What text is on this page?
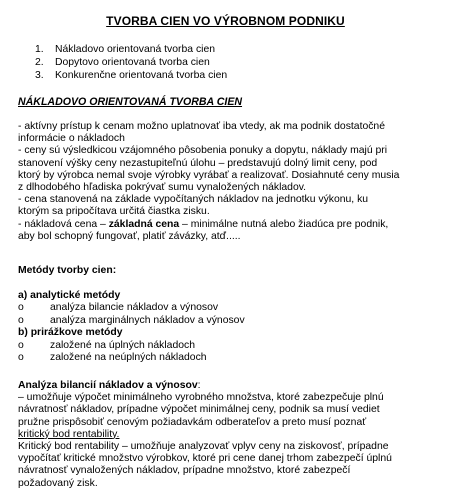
TVORBA CIEN VO VÝROBNOM PODNIKU
1. Nákladovo orientovaná tvorba cien
2. Dopytovo orientovaná tvorba cien
3. Konkurenčne orientovaná tvorba cien
NÁKLADOVO ORIENTOVANÁ TVORBA CIEN
- aktívny prístup k cenam možno uplatnovať iba vtedy, ak ma podnik dostatočné
informácie o nákladoch
- ceny sú výsledkicou vzájomného pôsobenia ponuky a dopytu, náklady majú pri
stanovení výšky ceny nezastupiteľnú úlohu – predstavujú dolný limit ceny, pod
ktorý by výrobca nemal svoje výrobky vyrábať a realizovať. Dosiahnuté ceny musia
z dlhodobého hľadiska pokrývať sumu vynaložených nákladov.
- cena stanovená na základe vypočítaných nákladov na jednotku výkonu, ku
ktorým sa pripočítava určitá čiastka zisku.
- nákladová cena – základná cena – minimálne nutná alebo žiadúca pre podnik,
aby bol schopný fungovať, platiť závázky, atď.....
Metódy tvorby cien:
a) analytické metódy
o	analýza bilancie nákladov a výnosov
o	analýza marginálnych nákladov a výnosov
b) prirážkove metódy
o	založené na úplných nákladoch
o	založené na neúplných nákladoch
Analýza bilancií nákladov a výnosov:
– umožňuje výpočet minimálneho vyrobného množstva, ktoré zabezpečuje plnú
návratnosť nákladov, prípadne výpočet minimálnej ceny, podnik sa musí vediet
pružne prispôsobiť cenovým požiadavkám odberateľov a preto musí poznať
kritický bod rentability.
Kritický bod rentability – umožňuje analyzovať vplyv ceny na ziskovosť, prípadne
vypočítať kritické množstvo výrobkov, ktoré pri cene danej trhom zabezpečí úplnú
návratnosť vynaložených nákladov, prípadne množstvo, ktoré zabezpečí
požadovaný zisk.
